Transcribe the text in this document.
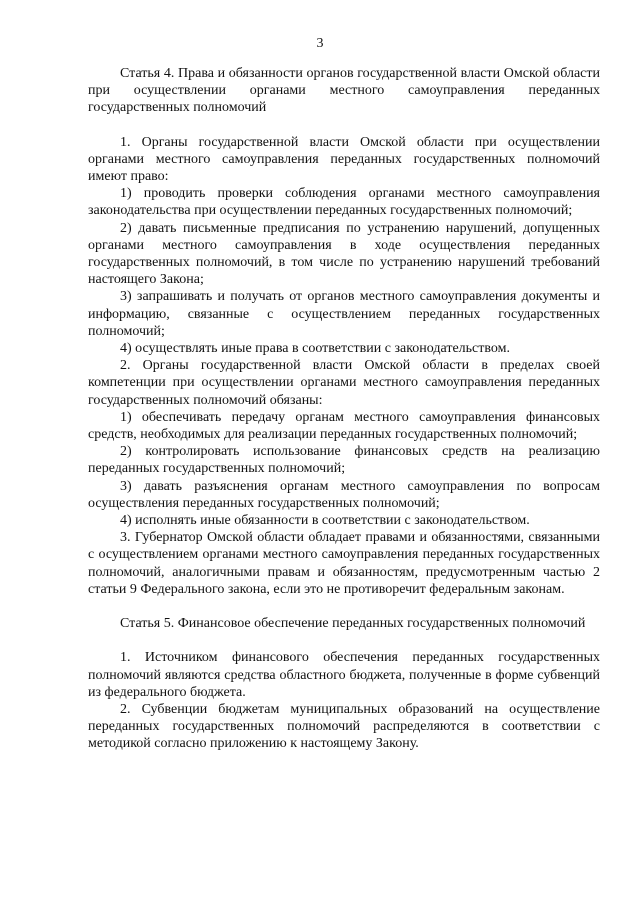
3

Статья 4. Права и обязанности органов государственной власти Омской области при осуществлении органами местного самоуправления переданных государственных полномочий

1. Органы государственной власти Омской области при осуществлении органами местного самоуправления переданных государственных полномочий имеют право:

1) проводить проверки соблюдения органами местного самоуправления законодательства при осуществлении переданных государственных полномочий;

2) давать письменные предписания по устранению нарушений, допущенных органами местного самоуправления в ходе осуществления переданных государственных полномочий, в том числе по устранению нарушений требований настоящего Закона;

3) запрашивать и получать от органов местного самоуправления документы и информацию, связанные с осуществлением переданных государственных полномочий;

4) осуществлять иные права в соответствии с законодательством.

2. Органы государственной власти Омской области в пределах своей компетенции при осуществлении органами местного самоуправления переданных государственных полномочий обязаны:

1) обеспечивать передачу органам местного самоуправления финансовых средств, необходимых для реализации переданных государственных полномочий;

2) контролировать использование финансовых средств на реализацию переданных государственных полномочий;

3) давать разъяснения органам местного самоуправления по вопросам осуществления переданных государственных полномочий;

4) исполнять иные обязанности в соответствии с законодательством.

3. Губернатор Омской области обладает правами и обязанностями, связанными с осуществлением органами местного самоуправления переданных государственных полномочий, аналогичными правам и обязанностям, предусмотренным частью 2 статьи 9 Федерального закона, если это не противоречит федеральным законам.

Статья 5. Финансовое обеспечение переданных государственных полномочий

1. Источником финансового обеспечения переданных государственных полномочий являются средства областного бюджета, полученные в форме субвенций из федерального бюджета.

2. Субвенции бюджетам муниципальных образований на осуществление переданных государственных полномочий распределяются в соответствии с методикой согласно приложению к настоящему Закону.
